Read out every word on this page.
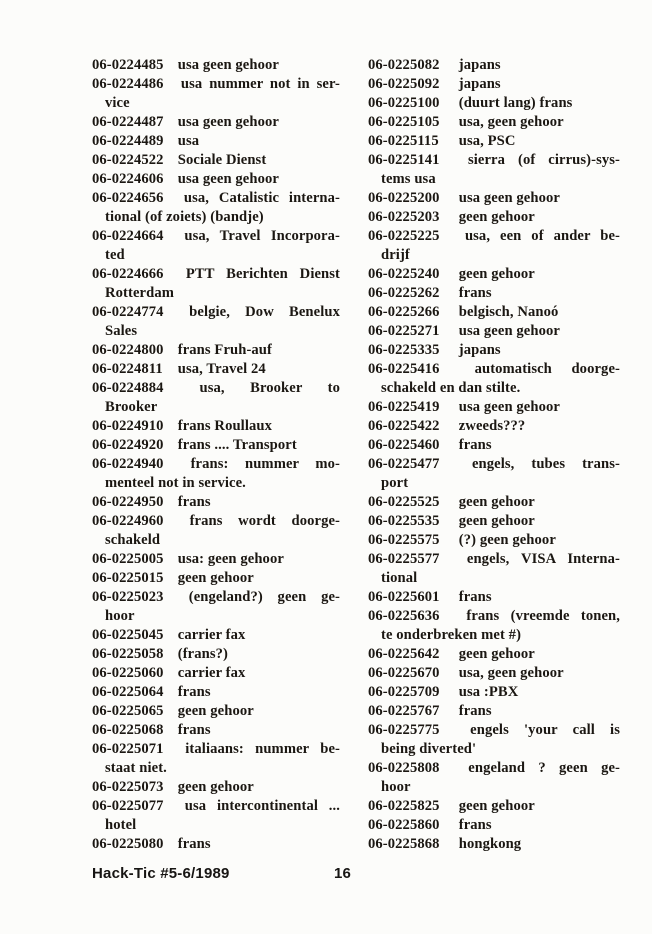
06-0224485 usa geen gehoor
06-0224486 usa nummer not in ser-
vice
06-0224487 usa geen gehoor
06-0224489 usa
06-0224522 Sociale Dienst
06-0224606 usa geen gehoor
06-0224656 usa, Catalistic interna-
tional (of zoiets) (bandje)
06-0224664 usa, Travel Incorpora-
ted
06-0224666 PTT Berichten Dienst
Rotterdam
06-0224774 belgie, Dow Benelux
Sales
06-0224800 frans Fruh-auf
06-0224811 usa, Travel 24
06-0224884 usa, Brooker to
Brooker
06-0224910 frans Roullaux
06-0224920 frans .... Transport
06-0224940 frans: nummer mo-
menteel not in service.
06-0224950 frans
06-0224960 frans wordt doorge-
schakeld
06-0225005 usa: geen gehoor
06-0225015 geen gehoor
06-0225023 (engeland?) geen ge-
hoor
06-0225045 carrier fax
06-0225058 (frans?)
06-0225060 carrier fax
06-0225064 frans
06-0225065 geen gehoor
06-0225068 frans
06-0225071 italiaans: nummer be-
staat niet.
06-0225073 geen gehoor
06-0225077 usa intercontinental ...
hotel
06-0225080 frans
06-0225082 japans
06-0225092 japans
06-0225100 (duurt lang) frans
06-0225105 usa, geen gehoor
06-0225115 usa, PSC
06-0225141 sierra (of cirrus)-sys-
tems usa
06-0225200 usa geen gehoor
06-0225203 geen gehoor
06-0225225 usa, een of ander be-
drijf
06-0225240 geen gehoor
06-0225262 frans
06-0225266 belgisch, Nanoó
06-0225271 usa geen gehoor
06-0225335 japans
06-0225416 automatisch doorge-
schakeld en dan stilte.
06-0225419 usa geen gehoor
06-0225422 zweeds???
06-0225460 frans
06-0225477 engels, tubes trans-
port
06-0225525 geen gehoor
06-0225535 geen gehoor
06-0225575 (?) geen gehoor
06-0225577 engels, VISA Interna-
tional
06-0225601 frans
06-0225636 frans (vreemde tonen,
te onderbreken met #)
06-0225642 geen gehoor
06-0225670 usa, geen gehoor
06-0225709 usa :PBX
06-0225767 frans
06-0225775 engels 'your call is
being diverted'
06-0225808 engeland ? geen ge-
hoor
06-0225825 geen gehoor
06-0225860 frans
06-0225868 hongkong
Hack-Tic #5-6/1989	16
